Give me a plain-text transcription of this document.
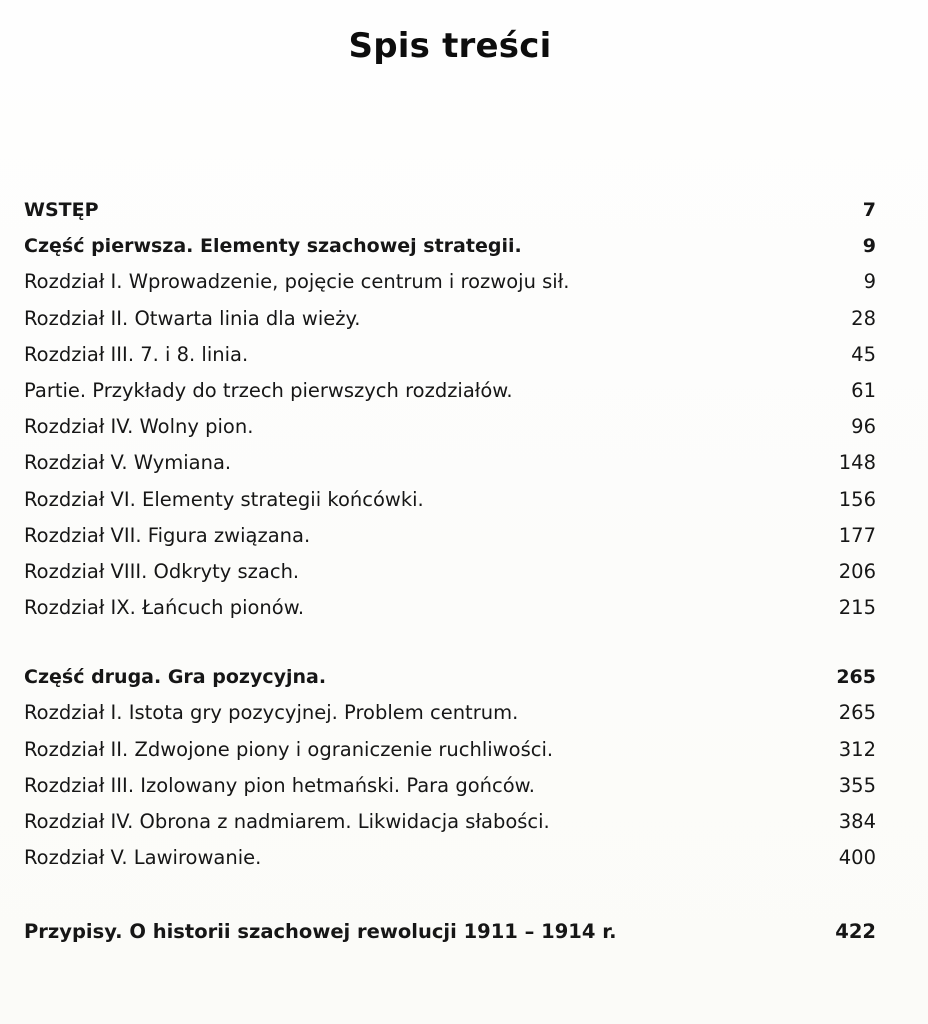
Spis treści
WSTĘP	7
Część pierwsza. Elementy szachowej strategii.	9
Rozdział I. Wprowadzenie, pojęcie centrum i rozwoju sił.	9
Rozdział II. Otwarta linia dla wieży.	28
Rozdział III. 7. i 8. linia.	45
Partie. Przykłady do trzech pierwszych rozdziałów.	61
Rozdział IV. Wolny pion.	96
Rozdział V. Wymiana.	148
Rozdział VI. Elementy strategii końcówki.	156
Rozdział VII. Figura związana.	177
Rozdział VIII. Odkryty szach.	206
Rozdział IX. Łańcuch pionów.	215
Część druga. Gra pozycyjna.	265
Rozdział I. Istota gry pozycyjnej. Problem centrum.	265
Rozdział II. Zdwojone piony i ograniczenie ruchliwości.	312
Rozdział III. Izolowany pion hetmański. Para gońców.	355
Rozdział IV. Obrona z nadmiarem. Likwidacja słabości.	384
Rozdział V. Lawirowanie.	400
Przypisy. O historii szachowej rewolucji 1911 – 1914 r.	422
